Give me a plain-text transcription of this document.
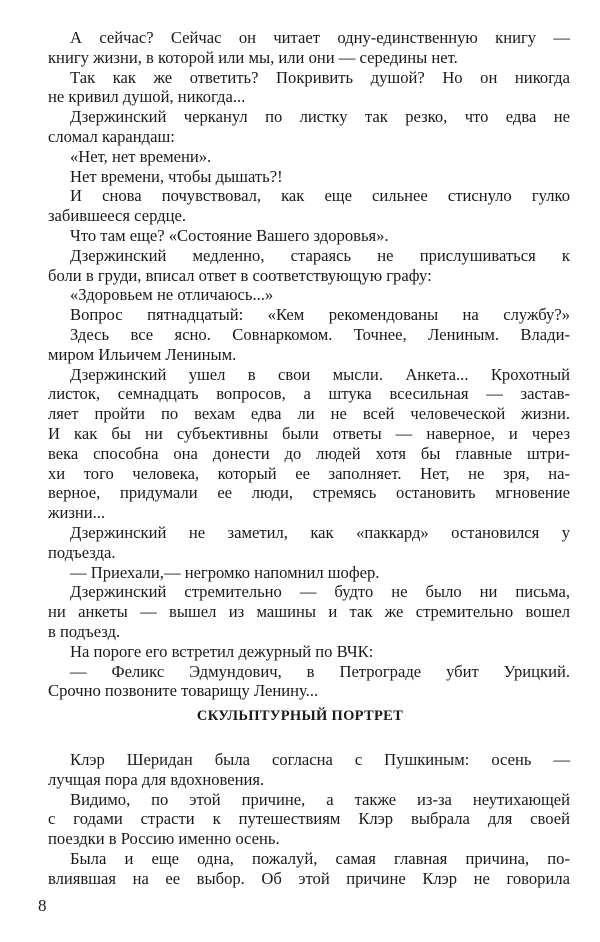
А сейчас? Сейчас он читает одну-единственную книгу —
книгу жизни, в которой или мы, или они — середины нет.
Так как же ответить? Покривить душой? Но он никогда
не кривил душой, никогда...
Дзержинский черканул по листку так резко, что едва не
сломал карандаш:
«Нет, нет времени».
Нет времени, чтобы дышать?!
И снова почувствовал, как еще сильнее стиснуло гулко
забившееся сердце.
Что там еще? «Состояние Вашего здоровья».
Дзержинский медленно, стараясь не прислушиваться к
боли в груди, вписал ответ в соответствующую графу:
«Здоровьем не отличаюсь...»
Вопрос пятнадцатый: «Кем рекомендованы на службу?»
Здесь все ясно. Совнаркомом. Точнее, Лениным. Влади-
миром Ильичем Лениным.
Дзержинский ушел в свои мысли. Анкета... Крохотный
листок, семнадцать вопросов, а штука всесильная — застав-
ляет пройти по вехам едва ли не всей человеческой жизни.
И как бы ни субъективны были ответы — наверное, и через
века способна она донести до людей хотя бы главные штри-
хи того человека, который ее заполняет. Нет, не зря, на-
верное, придумали ее люди, стремясь остановить мгновение
жизни...
Дзержинский не заметил, как «паккард» остановился у
подъезда.
— Приехали,— негромко напомнил шофер.
Дзержинский стремительно — будто не было ни письма,
ни анкеты — вышел из машины и так же стремительно вошел
в подъезд.
На пороге его встретил дежурный по ВЧК:
— Феликс Эдмундович, в Петрограде убит Урицкий.
Срочно позвоните товарищу Ленину...
СКУЛЬПТУРНЫЙ ПОРТРЕТ
Клэр Шеридан была согласна с Пушкиным: осень —
лучщая пора для вдохновения.
Видимо, по этой причине, а также из-за неутихающей
с годами страсти к путешествиям Клэр выбрала для своей
поездки в Россию именно осень.
Была и еще одна, пожалуй, самая главная причина, по-
влиявшая на ее выбор. Об этой причине Клэр не говорила
8
